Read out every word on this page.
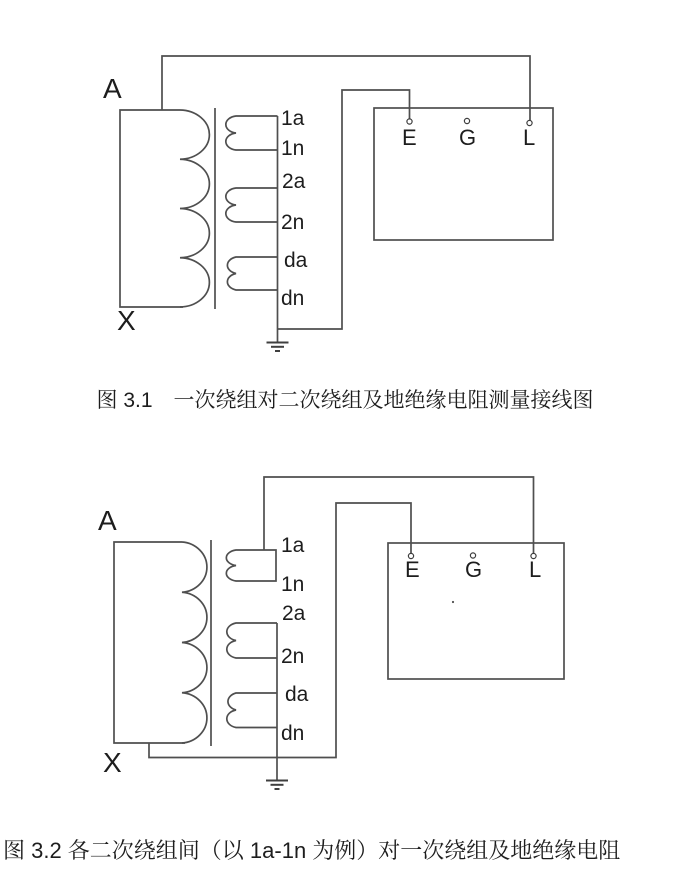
A
X
1a
1n
2a
2n
da
dn
E G L
A
X
1a
1n
2a
2n
da
dn
E G L
图 3.1　一次绕组对二次绕组及地绝缘电阻测量接线图
图 3.2 各二次绕组间（以 1a-1n 为例）对一次绕组及地绝缘电阻
